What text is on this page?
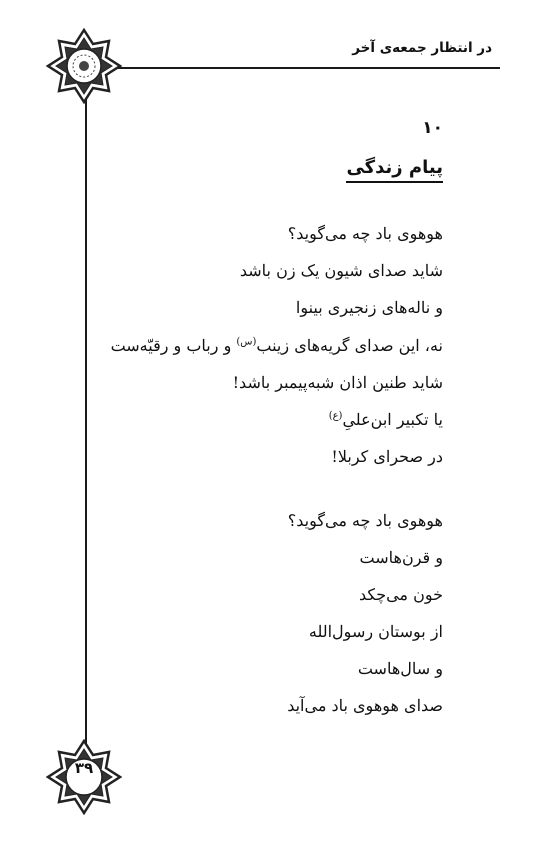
در انتظار جمعه‌ی آخر
۱۰
پیام زندگی
هوهوی باد چه می‌گوید؟
شاید صدای شیون یک زن باشد
و ناله‌های زنجیری بینوا
نه، این صدای گریه‌های زینب$^{(س)}$ و رباب و رقیّه‌ست
شاید طنین اذان شبه‌پیمبر باشد!
یا تکبیر ابن‌علیِ$^{(ع)}$
در صحرای کربلا!
هوهوی باد چه می‌گوید؟
و قرن‌هاست
خون می‌چکد
از بوستان رسول‌الله
و سال‌هاست
صدای هوهوی باد می‌آید
۳۹
